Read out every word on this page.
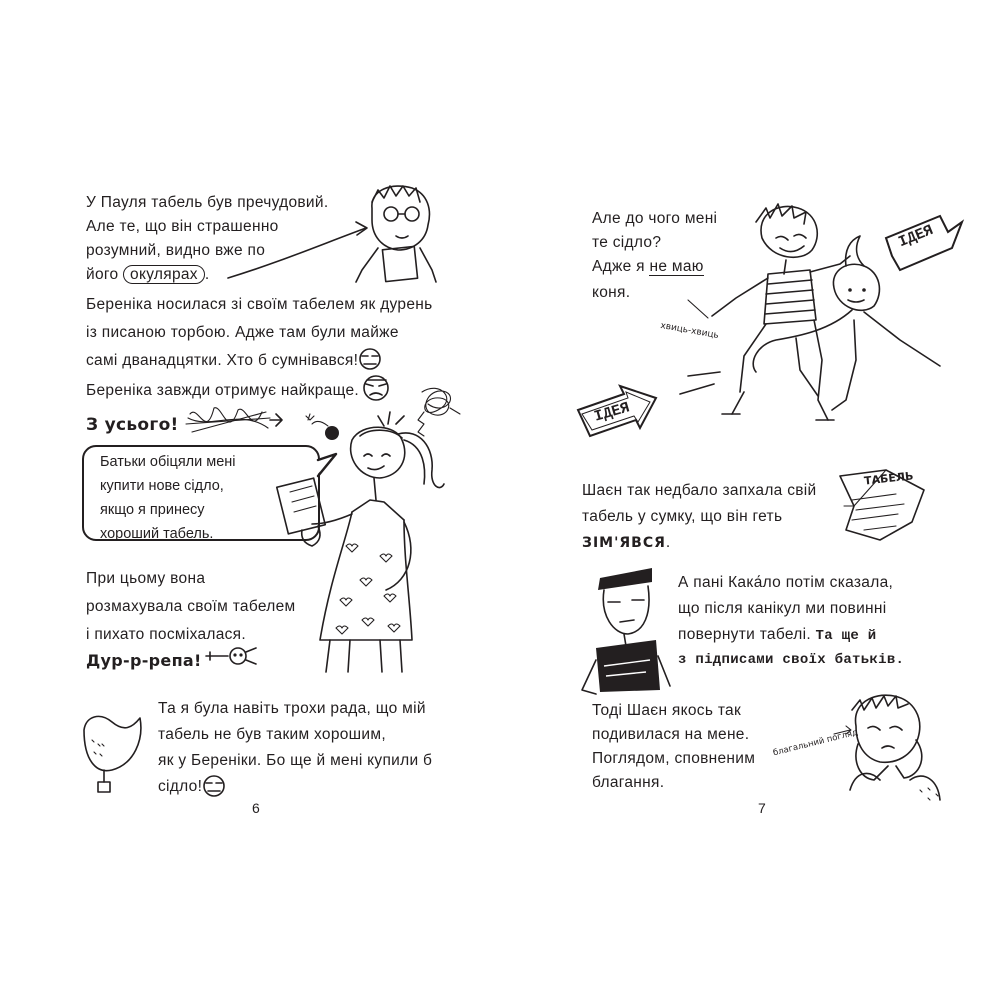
У Пауля табель був пречудовий.

Але те, що він страшенно

розумний, видно вже по

його окулярах .

Береніка носилася зі своїм табелем як дурень

із писаною торбою. Адже там були майже

самі дванадцятки. Хто б сумнівався!

Береніка завжди отримує найкраще.

З усього!

Батьки обіцяли мені
купити нове сідло,
якщо я принесу
хороший табель.

При цьому вона

розмахувала своїм табелем

і пихато посміхалася.

Дур-р-репа!

Та я була навіть трохи рада, що мій

табель не був таким хорошим,

як у Береніки. Бо ще й мені купили б

сідло!

6

Але до чого мені

те сідло?

Адже я не маю

коня.

ІДЕЯ
хвиць-хвиць
ІДЕЯ

Шаєн так недбало запхала свій

табель у сумку, що він геть

ЗІМ'ЯВСЯ.

ТАБЕЛЬ

А пані Кака́ло потім сказала,

що після канікул ми повинні

повернути табелі. Та ще й

з підписами своїх батьків.

Тоді Шаєн якось так

подивилася на мене.

Поглядом, сповненим

благання.

благальний погляд
7
